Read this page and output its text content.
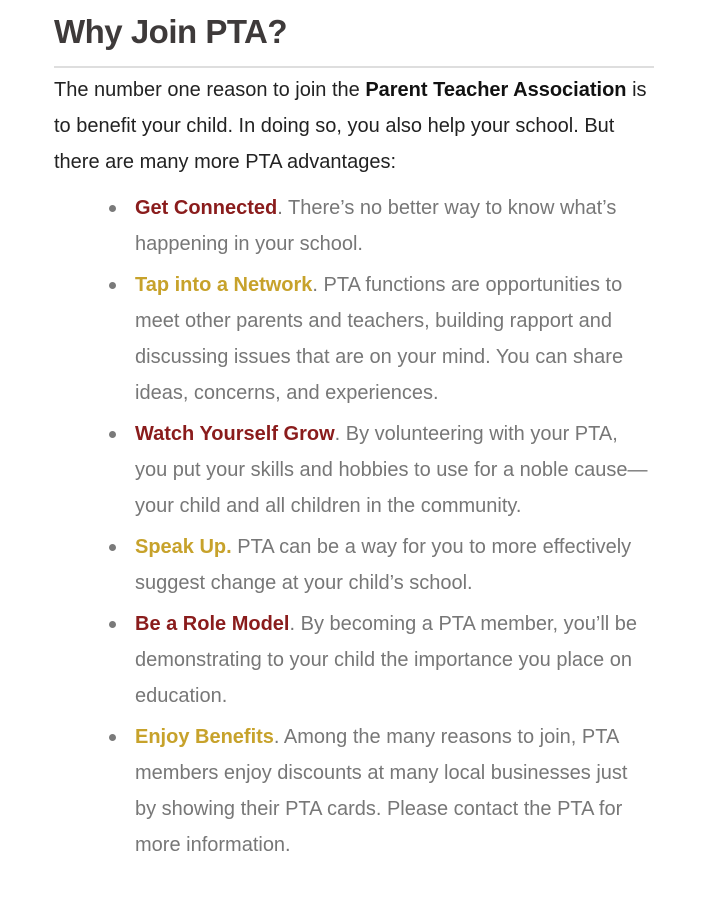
Why Join PTA?

The number one reason to join the Parent Teacher Association is to benefit your child. In doing so, you also help your school. But there are many more PTA advantages:

Get Connected. There’s no better way to know what’s happening in your school.
Tap into a Network. PTA functions are opportunities to meet other parents and teachers, building rapport and discussing issues that are on your mind. You can share ideas, concerns, and experiences.
Watch Yourself Grow. By volunteering with your PTA, you put your skills and hobbies to use for a noble cause—your child and all children in the community.
Speak Up. PTA can be a way for you to more effectively suggest change at your child’s school.
Be a Role Model. By becoming a PTA member, you’ll be demonstrating to your child the importance you place on education.
Enjoy Benefits. Among the many reasons to join, PTA members enjoy discounts at many local businesses just by showing their PTA cards. Please contact the PTA for more information.
